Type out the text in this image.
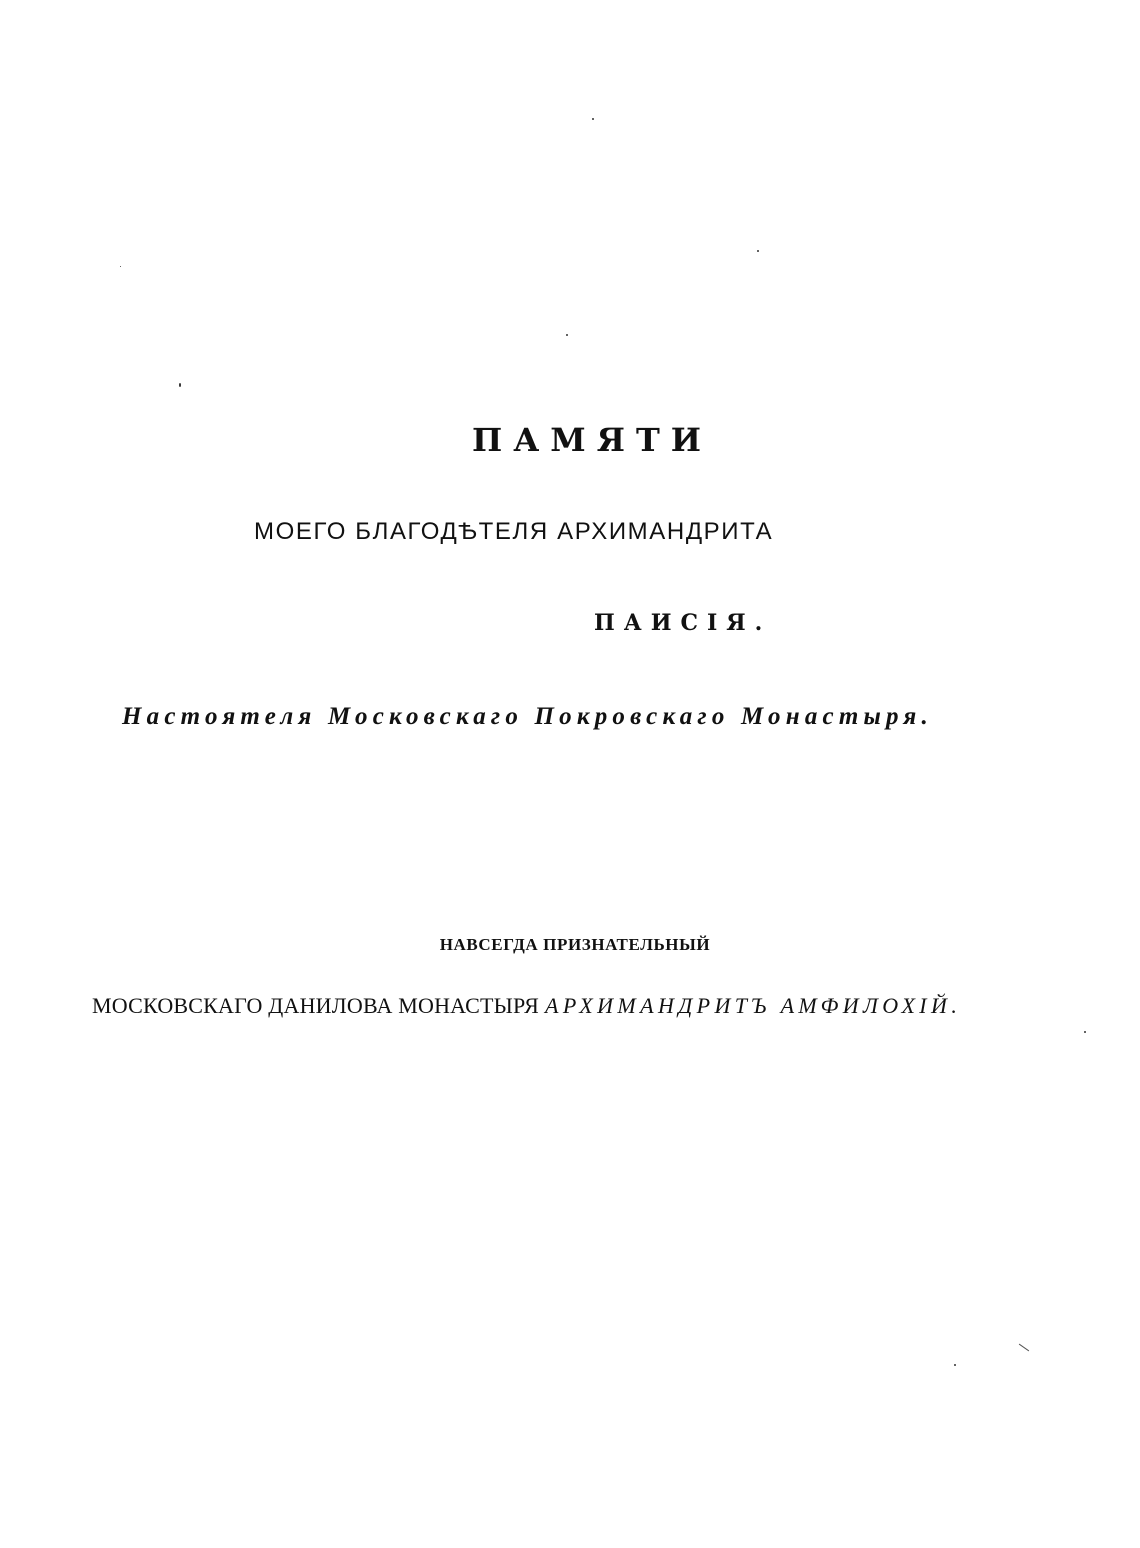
ПАМЯТИ
МОЕГО БЛАГОДѢТЕЛЯ АРХИМАНДРИТА
ПАИСІЯ.
Настоятеля Московскаго Покровскаго Монастыря.
НАВСЕГДА ПРИЗНАТЕЛЬНЫЙ
МОСКОВСКАГО ДАНИЛОВА МОНАСТЫРЯ АРХИМАНДРИТЪ АМФИЛОХІЙ.
